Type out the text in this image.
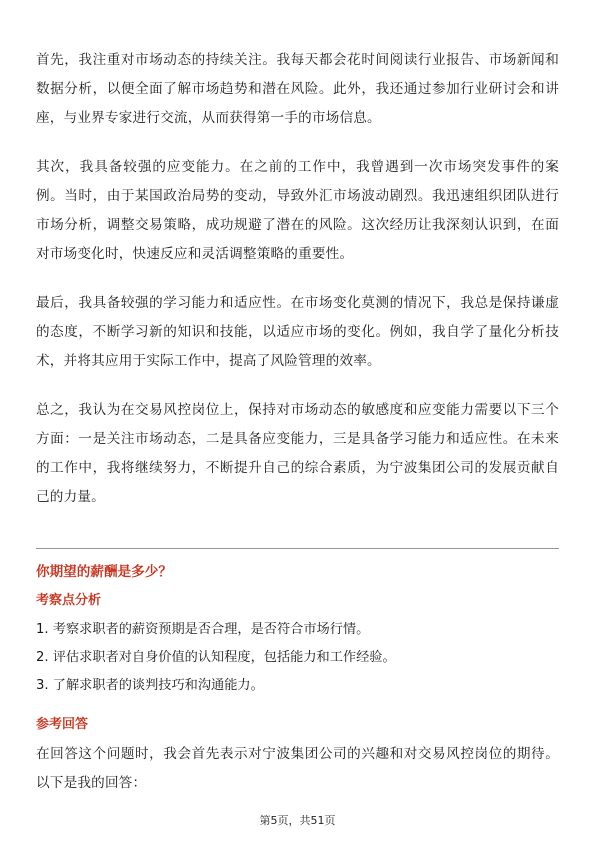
首先，我注重对市场动态的持续关注。我每天都会花时间阅读行业报告、市场新闻和数据分析，以便全面了解市场趋势和潜在风险。此外，我还通过参加行业研讨会和讲座，与业界专家进行交流，从而获得第一手的市场信息。

其次，我具备较强的应变能力。在之前的工作中，我曾遇到一次市场突发事件的案例。当时，由于某国政治局势的变动，导致外汇市场波动剧烈。我迅速组织团队进行市场分析，调整交易策略，成功规避了潜在的风险。这次经历让我深刻认识到，在面对市场变化时，快速反应和灵活调整策略的重要性。

最后，我具备较强的学习能力和适应性。在市场变化莫测的情况下，我总是保持谦虚的态度，不断学习新的知识和技能，以适应市场的变化。例如，我自学了量化分析技术，并将其应用于实际工作中，提高了风险管理的效率。

总之，我认为在交易风控岗位上，保持对市场动态的敏感度和应变能力需要以下三个方面：一是关注市场动态，二是具备应变能力，三是具备学习能力和适应性。在未来的工作中，我将继续努力，不断提升自己的综合素质，为宁波集团公司的发展贡献自己的力量。

你期望的薪酬是多少？
考察点分析

1. 考察求职者的薪资预期是否合理，是否符合市场行情。

2. 评估求职者对自身价值的认知程度，包括能力和工作经验。

3. 了解求职者的谈判技巧和沟通能力。

参考回答

在回答这个问题时，我会首先表示对宁波集团公司的兴趣和对交易风控岗位的期待。以下是我的回答：

第5页，共51页
